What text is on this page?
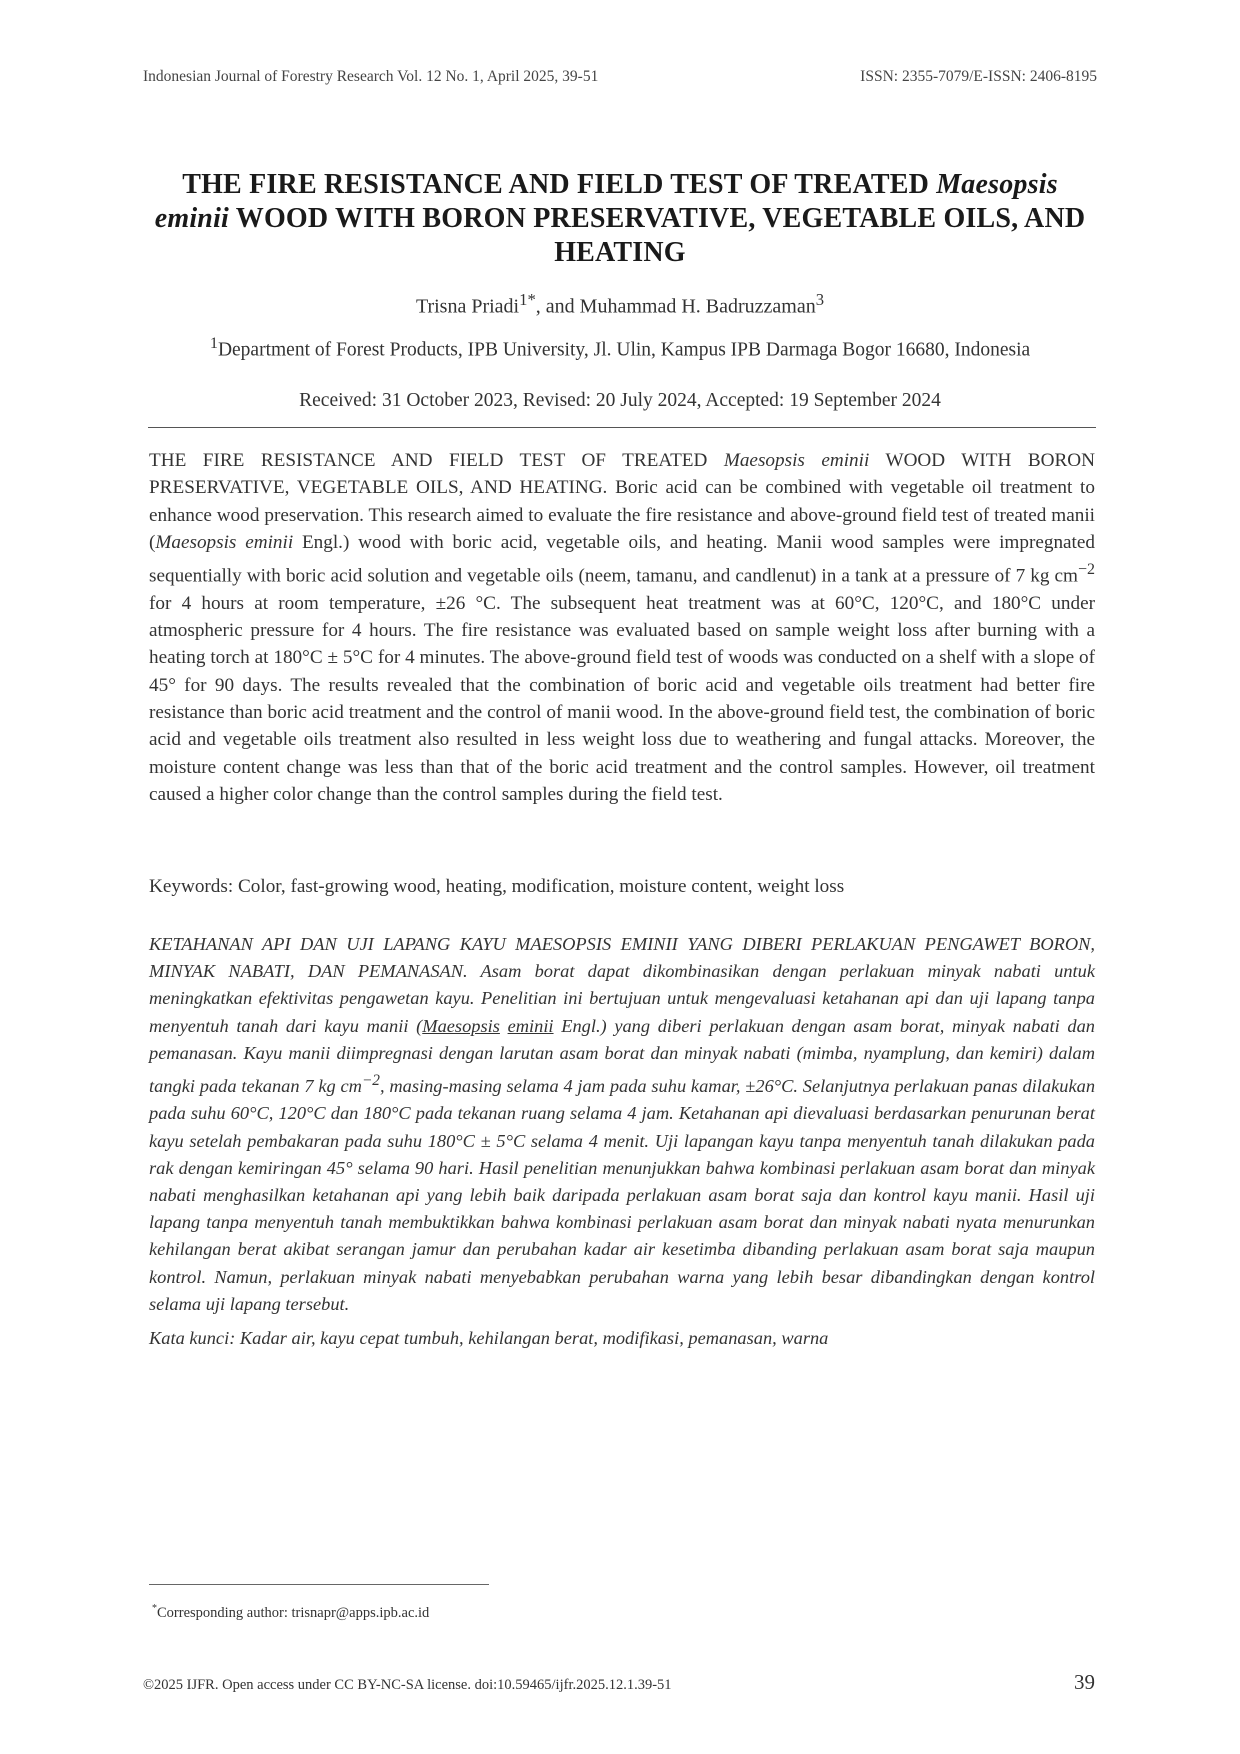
Indonesian Journal of Forestry Research Vol. 12 No. 1, April 2025, 39-51	ISSN: 2355-7079/E-ISSN: 2406-8195
THE FIRE RESISTANCE AND FIELD TEST OF TREATED Maesopsis eminii WOOD WITH BORON PRESERVATIVE, VEGETABLE OILS, AND HEATING
Trisna Priadi$^{1*}$, and Muhammad H. Badruzzaman$^3$
$^1$Department of Forest Products, IPB University, Jl. Ulin, Kampus IPB Darmaga Bogor 16680, Indonesia
Received: 31 October 2023, Revised: 20 July 2024, Accepted: 19 September 2024
THE FIRE RESISTANCE AND FIELD TEST OF TREATED Maesopsis eminii WOOD WITH BORON PRESERVATIVE, VEGETABLE OILS, AND HEATING. Boric acid can be combined with vegetable oil treatment to enhance wood preservation. This research aimed to evaluate the fire resistance and above-ground field test of treated manii (Maesopsis eminii Engl.) wood with boric acid, vegetable oils, and heating. Manii wood samples were impregnated sequentially with boric acid solution and vegetable oils (neem, tamanu, and candlenut) in a tank at a pressure of 7 kg $cm^{-2}$ for 4 hours at room temperature, ±26 °C. The subsequent heat treatment was at 60°C, 120°C, and 180°C under atmospheric pressure for 4 hours. The fire resistance was evaluated based on sample weight loss after burning with a heating torch at 180°C ± 5°C for 4 minutes. The above-ground field test of woods was conducted on a shelf with a slope of 45° for 90 days. The results revealed that the combination of boric acid and vegetable oils treatment had better fire resistance than boric acid treatment and the control of manii wood. In the above-ground field test, the combination of boric acid and vegetable oils treatment also resulted in less weight loss due to weathering and fungal attacks. Moreover, the moisture content change was less than that of the boric acid treatment and the control samples. However, oil treatment caused a higher color change than the control samples during the field test.
Keywords: Color, fast-growing wood, heating, modification, moisture content, weight loss
KETAHANAN API DAN UJI LAPANG KAYU MAESOPSIS EMINII YANG DIBERI PERLAKUAN PENGAWET BORON, MINYAK NABATI, DAN PEMANASAN. Asam borat dapat dikombinasikan dengan perlakuan minyak nabati untuk meningkatkan efektivitas pengawetan kayu. Penelitian ini bertujuan untuk mengevaluasi ketahanan api dan uji lapang tanpa menyentuh tanah dari kayu manii (Maesopsis eminii Engl.) yang diberi perlakuan dengan asam borat, minyak nabati dan pemanasan. Kayu manii diimpregnasi dengan larutan asam borat dan minyak nabati (mimba, nyamplung, dan kemiri) dalam tangki pada tekanan 7 kg $cm^{-2}$, masing-masing selama 4 jam pada suhu kamar, ±26°C. Selanjutnya perlakuan panas dilakukan pada suhu 60°C, 120°C dan 180°C pada tekanan ruang selama 4 jam. Ketahanan api dievaluasi berdasarkan penurunan berat kayu setelah pembakaran pada suhu 180°C ± 5°C selama 4 menit. Uji lapangan kayu tanpa menyentuh tanah dilakukan pada rak dengan kemiringan 45° selama 90 hari. Hasil penelitian menunjukkan bahwa kombinasi perlakuan asam borat dan minyak nabati menghasilkan ketahanan api yang lebih baik daripada perlakuan asam borat saja dan kontrol kayu manii. Hasil uji lapang tanpa menyentuh tanah membuktikkan bahwa kombinasi perlakuan asam borat dan minyak nabati nyata menurunkan kehilangan berat akibat serangan jamur dan perubahan kadar air kesetimba dibanding perlakuan asam borat saja maupun kontrol. Namun, perlakuan minyak nabati menyebabkan perubahan warna yang lebih besar dibandingkan dengan kontrol selama uji lapang tersebut.
Kata kunci: Kadar air, kayu cepat tumbuh, kehilangan berat, modifikasi, pemanasan, warna
*Corresponding author: trisnapr@apps.ipb.ac.id
©2025 IJFR. Open access under CC BY-NC-SA license. doi:10.59465/ijfr.2025.12.1.39-51	39
